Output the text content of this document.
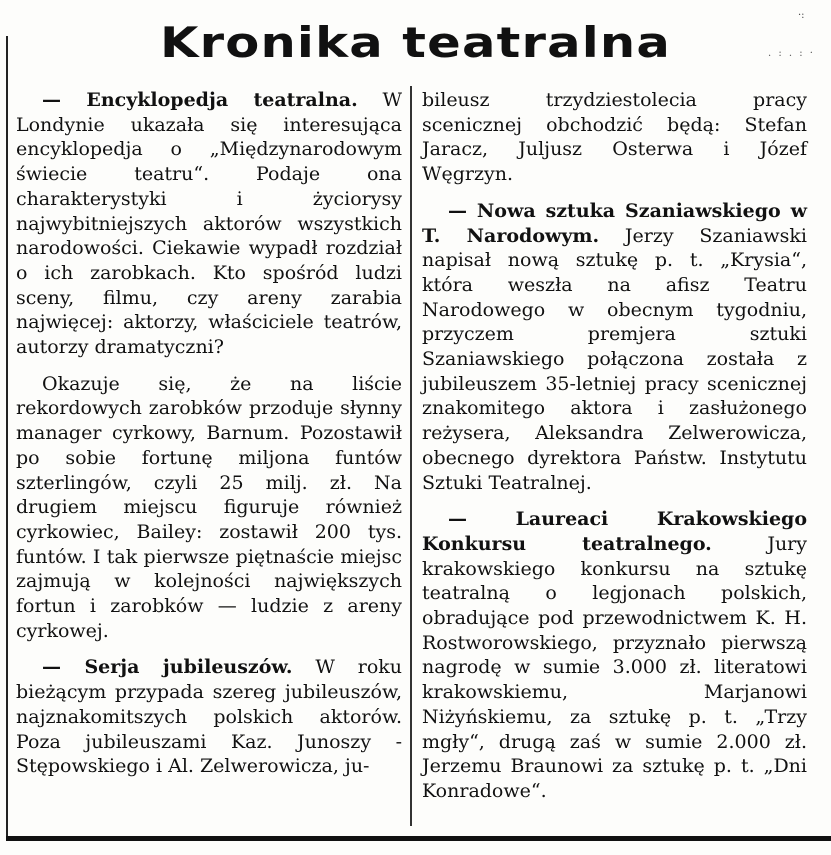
·:
Kronika teatralna	. : . : ·

— Encyklopedja teatralna. W Londynie ukazała się interesująca encyklopedja o „Międzynarodowym świecie teatru“. Podaje ona charakterystyki i życiorysy najwybitniejszych aktorów wszystkich narodowości. Ciekawie wypadł rozdział o ich zarobkach. Kto spośród ludzi sceny, filmu, czy areny zarabia najwięcej: aktorzy, właściciele teatrów, autorzy dramatyczni?

Okazuje się, że na liście rekordowych zarobków przoduje słynny manager cyrkowy, Barnum. Pozostawił po sobie fortunę miljona funtów szterlingów, czyli 25 milj. zł. Na drugiem miejscu figuruje również cyrkowiec, Bailey: zostawił 200 tys. funtów. I tak pierwsze piętnaście miejsc zajmują w kolejności największych fortun i zarobków — ludzie z areny cyrkowej.

— Serja jubileuszów. W roku bieżącym przypada szereg jubileuszów, najznakomitszych polskich aktorów. Poza jubileuszami Kaz. Junoszy - Stępowskiego i Al. Zelwerowicza, ju-

bileusz trzydziestolecia pracy scenicznej obchodzić będą: Stefan Jaracz, Juljusz Osterwa i Józef Węgrzyn.

— Nowa sztuka Szaniawskiego w T. Narodowym. Jerzy Szaniawski napisał nową sztukę p. t. „Krysia“, która weszła na afisz Teatru Narodowego w obecnym tygodniu, przyczem premjera sztuki Szaniawskiego połączona została z jubileuszem 35-letniej pracy scenicznej znakomitego aktora i zasłużonego reżysera, Aleksandra Zelwerowicza, obecnego dyrektora Państw. Instytutu Sztuki Teatralnej.

— Laureaci Krakowskiego Konkursu teatralnego.	Jury krakowskiego konkursu na sztukę teatralną o legjonach polskich, obradujące pod przewodnictwem K. H. Rostworowskiego, przyznało pierwszą nagrodę w sumie 3.000 zł. literatowi krakowskiemu, Marjanowi Niżyńskiemu, za sztukę p. t. „Trzy mgły“, drugą zaś w sumie 2.000 zł. Jerzemu Braunowi za sztukę p. t. „Dni Konradowe“.
